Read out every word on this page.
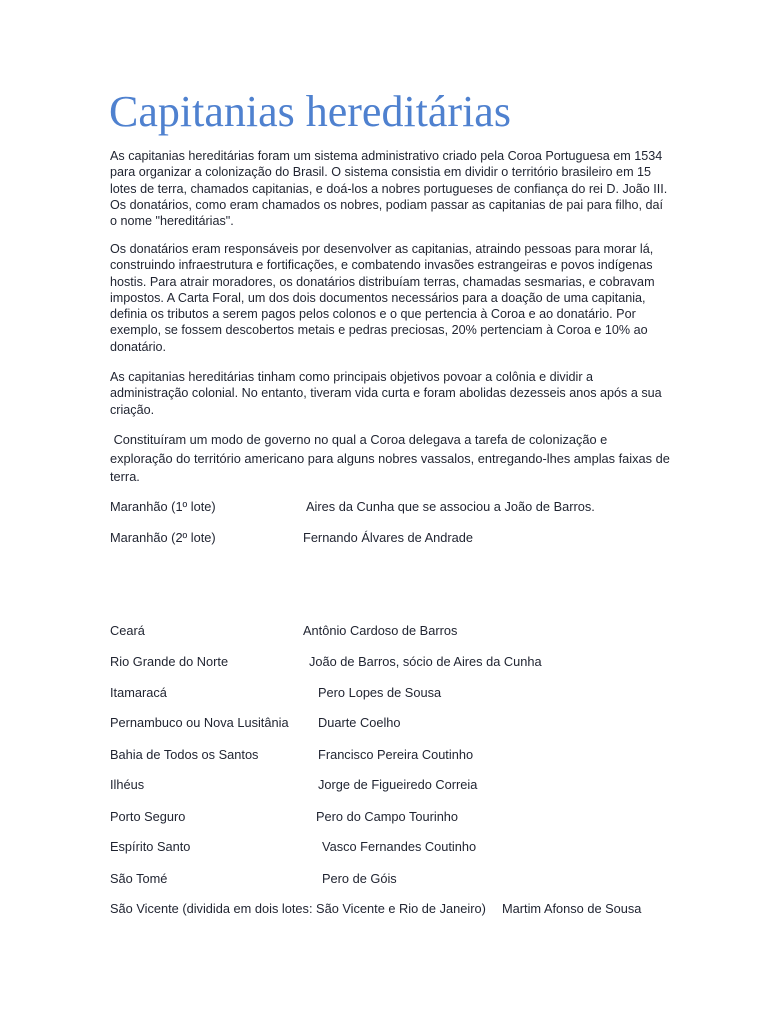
Capitanias hereditárias

As capitanias hereditárias foram um sistema administrativo criado pela Coroa Portuguesa em 1534 para organizar a colonização do Brasil. O sistema consistia em dividir o território brasileiro em 15 lotes de terra, chamados capitanias, e doá-los a nobres portugueses de confiança do rei D. João III. Os donatários, como eram chamados os nobres, podiam passar as capitanias de pai para filho, daí o nome "hereditárias".

Os donatários eram responsáveis por desenvolver as capitanias, atraindo pessoas para morar lá, construindo infraestrutura e fortificações, e combatendo invasões estrangeiras e povos indígenas hostis. Para atrair moradores, os donatários distribuíam terras, chamadas sesmarias, e cobravam impostos. A Carta Foral, um dos dois documentos necessários para a doação de uma capitania, definia os tributos a serem pagos pelos colonos e o que pertencia à Coroa e ao donatário. Por exemplo, se fossem descobertos metais e pedras preciosas, 20% pertenciam à Coroa e 10% ao donatário.

As capitanias hereditárias tinham como principais objetivos povoar a colônia e dividir a administração colonial. No entanto, tiveram vida curta e foram abolidas dezesseis anos após a sua criação.

Constituíram um modo de governo no qual a Coroa delegava a tarefa de colonização e exploração do território americano para alguns nobres vassalos, entregando-lhes amplas faixas de terra.

Maranhão (1º lote)	Aires da Cunha que se associou a João de Barros.
Maranhão (2º lote)	Fernando Álvares de Andrade
Ceará	Antônio Cardoso de Barros
Rio Grande do Norte	João de Barros, sócio de Aires da Cunha
Itamaracá	Pero Lopes de Sousa
Pernambuco ou Nova Lusitânia Duarte Coelho
Bahia de Todos os Santos	Francisco Pereira Coutinho
Ilhéus	Jorge de Figueiredo Correia
Porto Seguro	Pero do Campo Tourinho
Espírito Santo	Vasco Fernandes Coutinho
São Tomé	Pero de Góis
São Vicente (dividida em dois lotes: São Vicente e Rio de Janeiro) Martim Afonso de Sousa
